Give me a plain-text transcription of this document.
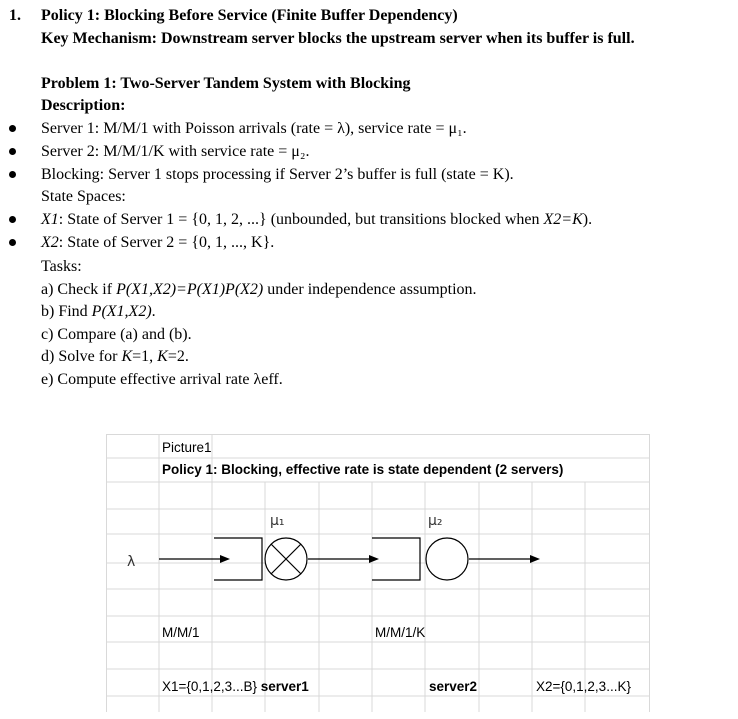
1. Policy 1: Blocking Before Service (Finite Buffer Dependency)
Key Mechanism: Downstream server blocks the upstream server when its buffer is full.
Problem 1: Two-Server Tandem System with Blocking
Description:
Server 1: M/M/1 with Poisson arrivals (rate = λ), service rate = μ₁.
Server 2: M/M/1/K with service rate = μ₂.
Blocking: Server 1 stops processing if Server 2’s buffer is full (state = K).
State Spaces:
X1: State of Server 1 = {0, 1, 2, ...} (unbounded, but transitions blocked when X2=K).
X2: State of Server 2 = {0, 1, ..., K}.
Tasks:
a) Check if P(X1,X2)=P(X1)P(X2) under independence assumption.
b) Find P(X1,X2).
c) Compare (a) and (b).
d) Solve for K=1, K=2.
e) Compute effective arrival rate λeff.
Picture1
Policy 1: Blocking, effective rate is state dependent (2 servers)
λ
μ₁	μ₂
M/M/1	M/M/1/K
X1={0,1,2,3...B} server1	server2	X2={0,1,2,3...K}
